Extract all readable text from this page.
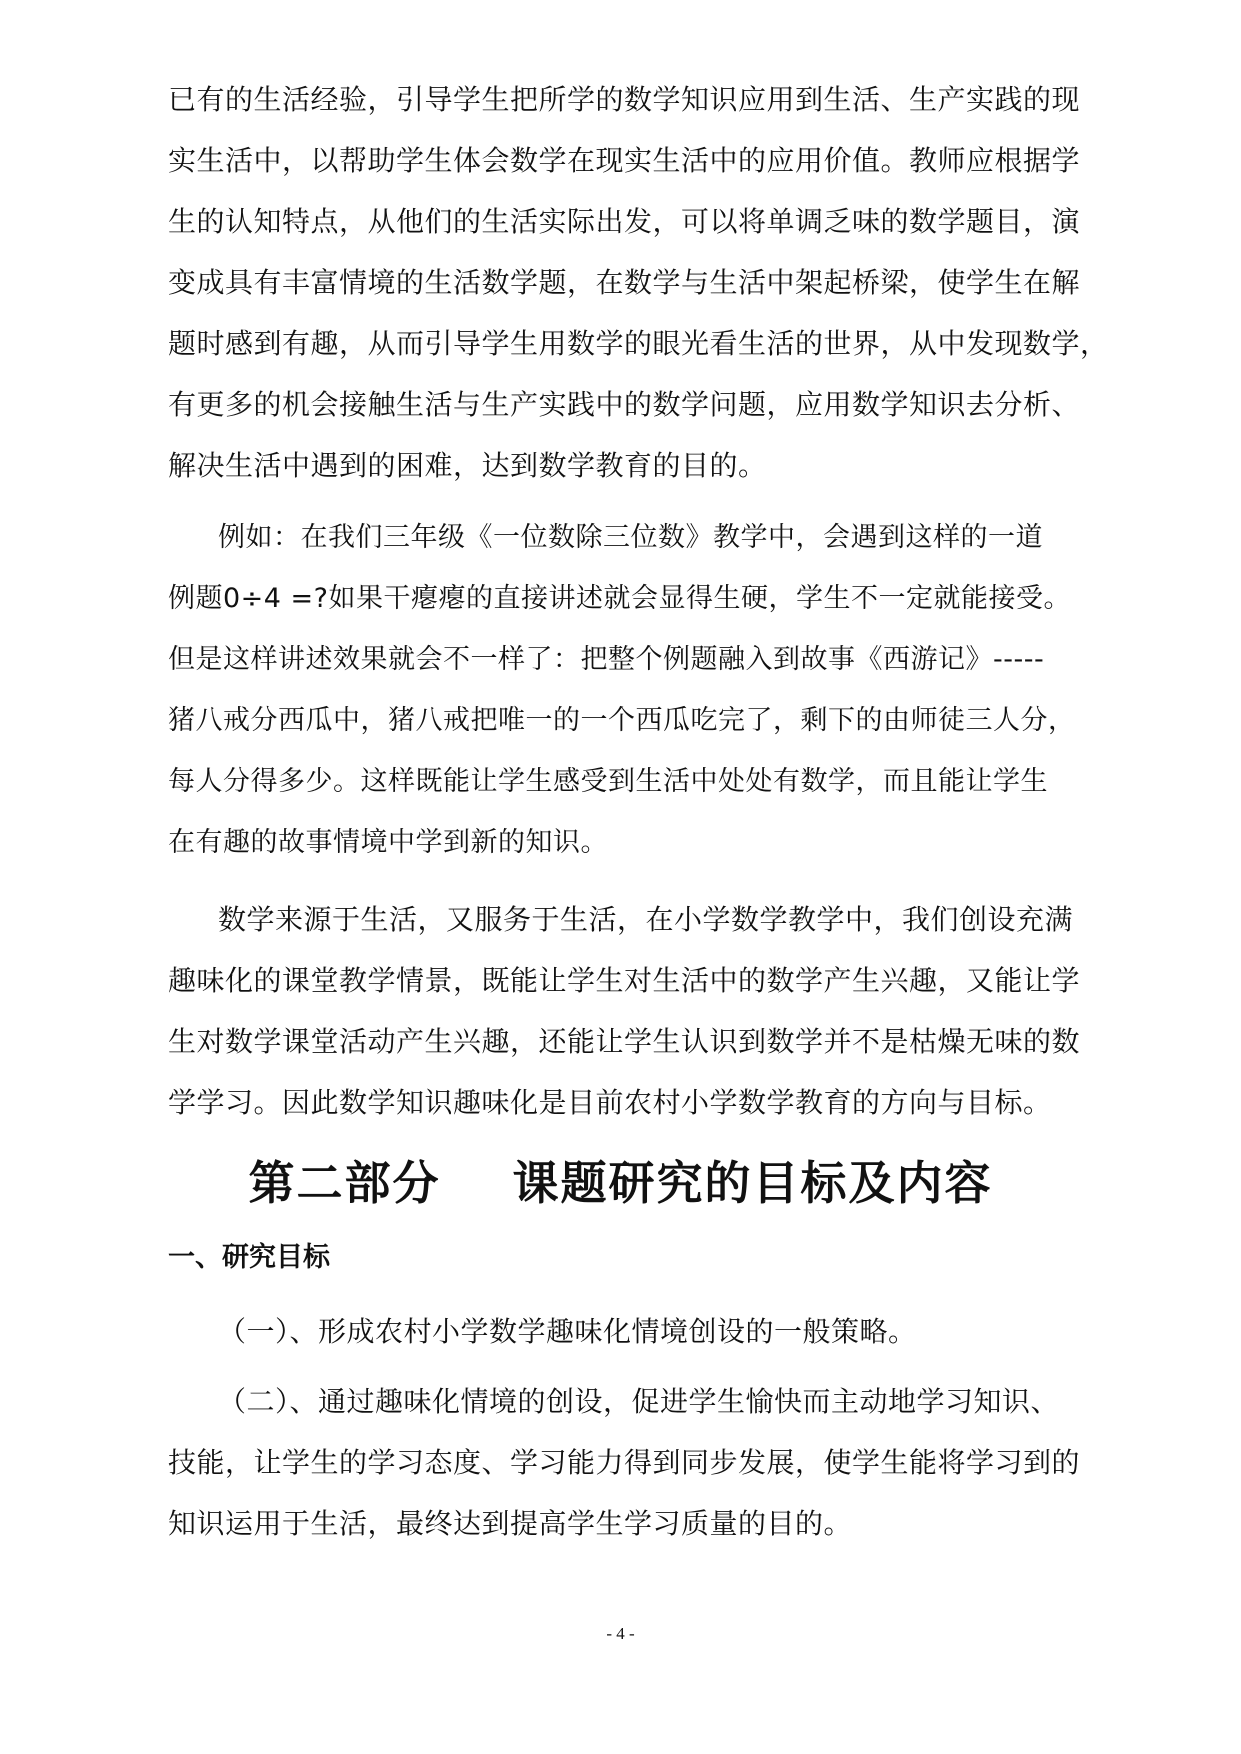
已有的生活经验，引导学生把所学的数学知识应用到生活、生产实践的现
实生活中，以帮助学生体会数学在现实生活中的应用价值。教师应根据学
生的认知特点，从他们的生活实际出发，可以将单调乏味的数学题目，演
变成具有丰富情境的生活数学题，在数学与生活中架起桥梁，使学生在解
题时感到有趣，从而引导学生用数学的眼光看生活的世界，从中发现数学，
有更多的机会接触生活与生产实践中的数学问题，应用数学知识去分析、
解决生活中遇到的困难，达到数学教育的目的。
例如：在我们三年级《一位数除三位数》教学中，会遇到这样的一道
例题0÷4 =?如果干瘪瘪的直接讲述就会显得生硬，学生不一定就能接受。
但是这样讲述效果就会不一样了：把整个例题融入到故事《西游记》-----
猪八戒分西瓜中，猪八戒把唯一的一个西瓜吃完了，剩下的由师徒三人分，
每人分得多少。这样既能让学生感受到生活中处处有数学，而且能让学生
在有趣的故事情境中学到新的知识。
数学来源于生活，又服务于生活，在小学数学教学中，我们创设充满
趣味化的课堂教学情景，既能让学生对生活中的数学产生兴趣，又能让学
生对数学课堂活动产生兴趣，还能让学生认识到数学并不是枯燥无味的数
学学习。因此数学知识趣味化是目前农村小学数学教育的方向与目标。
第二部分    课题研究的目标及内容
一、研究目标
（一）、形成农村小学数学趣味化情境创设的一般策略。
（二）、通过趣味化情境的创设，促进学生愉快而主动地学习知识、
技能，让学生的学习态度、学习能力得到同步发展，使学生能将学习到的
知识运用于生活，最终达到提高学生学习质量的目的。
- 4 -
